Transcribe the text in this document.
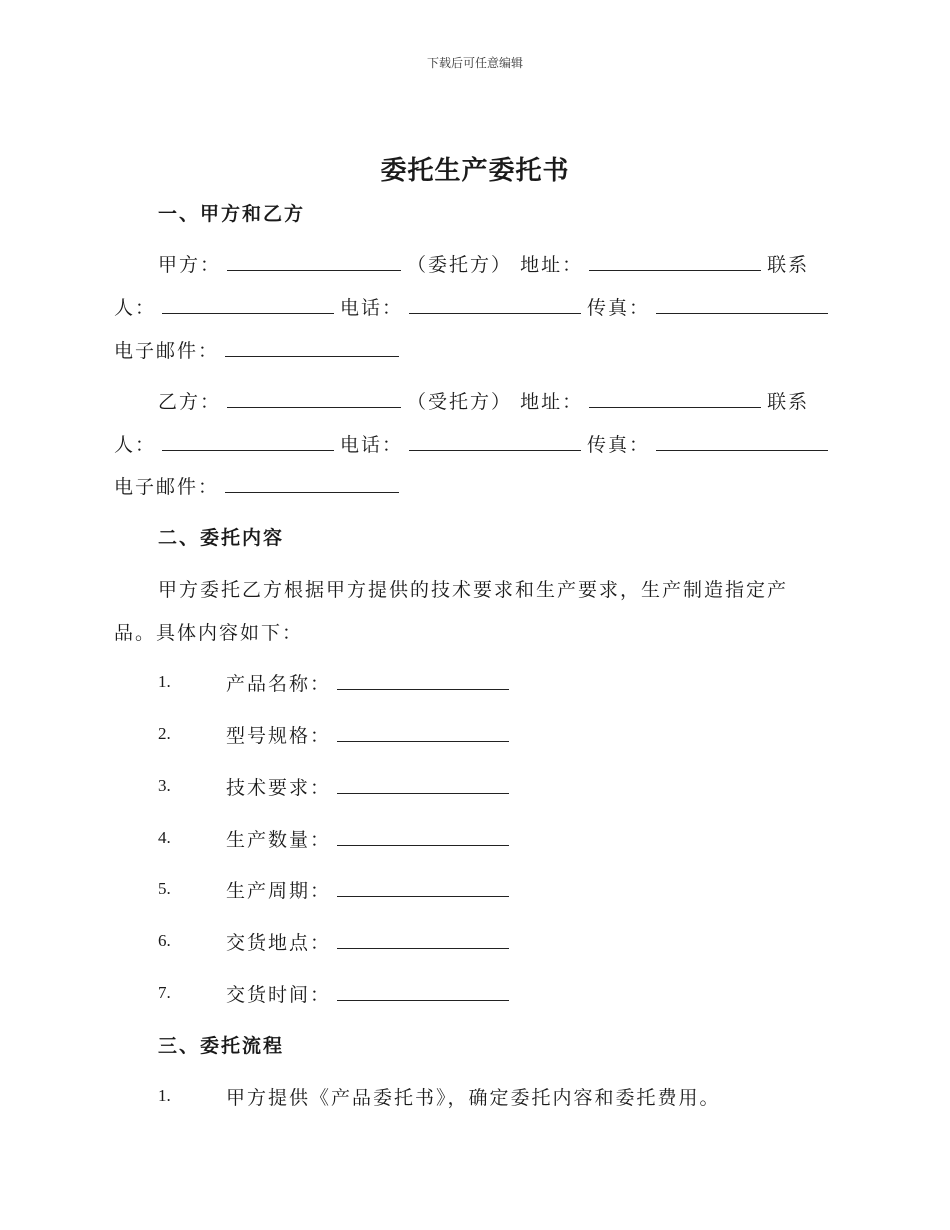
下载后可任意编辑
委托生产委托书
一、甲方和乙方
甲方：	（委托方） 地址：	联系
人：	电话：	传真：
电子邮件：
乙方：	（受托方） 地址：	联系
人：	电话：	传真：
电子邮件：
二、委托内容
甲方委托乙方根据甲方提供的技术要求和生产要求，生产制造指定产
品。具体内容如下：
1.	产品名称：
2.	型号规格：
3.	技术要求：
4.	生产数量：
5.	生产周期：
6.	交货地点：
7.	交货时间：
三、委托流程
1.	甲方提供《产品委托书》，确定委托内容和委托费用。
